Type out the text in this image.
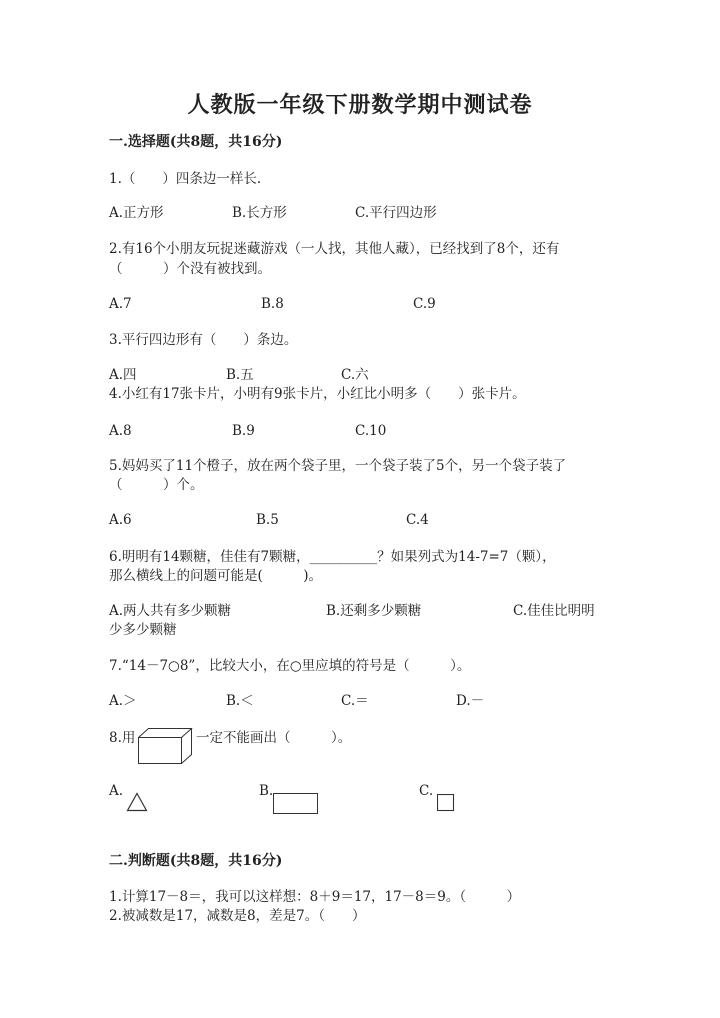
人教版一年级下册数学期中测试卷
一.选择题(共8题，共16分)
1.（　　）四条边一样长.
A.正方形	B.长方形	C.平行四边形
2.有16个小朋友玩捉迷藏游戏（一人找，其他人藏），已经找到了8个，还有
（　　　）个没有被找到。
A.7	B.8	C.9
3.平行四边形有（　　）条边。
A.四	B.五	C.六
4.小红有17张卡片，小明有9张卡片，小红比小明多（　　）张卡片。
A.8	B.9	C.10
5.妈妈买了11个橙子，放在两个袋子里，一个袋子装了5个，另一个袋子装了
（　　　）个。
A.6	B.5	C.4
6.明明有14颗糖，佳佳有7颗糖，__________？如果列式为14-7=7（颗），
那么横线上的问题可能是(　　　)。
A.两人共有多少颗糖	B.还剩多少颗糖	C.佳佳比明明
少多少颗糖
7.“14－7○8”，比较大小，在○里应填的符号是（　　　）。
A.＞	B.＜	C.＝	D.－
8.用	一定不能画出（　　　）。
A.	B.	C.
二.判断题(共8题，共16分)
1.计算17－8＝，我可以这样想：8＋9＝17，17－8＝9。（　　　）
2.被减数是17，减数是8，差是7。（　　）
